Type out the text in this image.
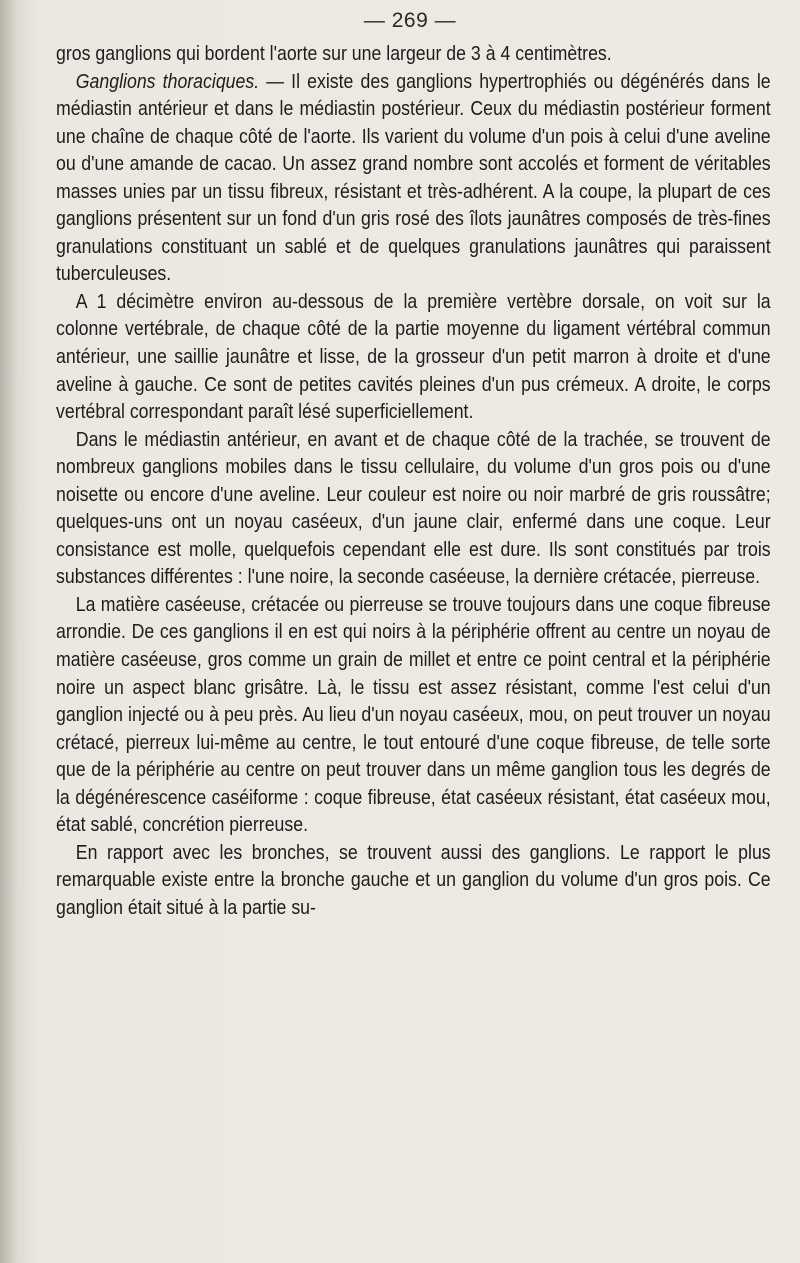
— 269 —

gros ganglions qui bordent l'aorte sur une largeur de 3 à 4 centimètres.

Ganglions thoraciques. — Il existe des ganglions hypertrophiés ou dégénérés dans le médiastin antérieur et dans le médiastin postérieur. Ceux du médiastin postérieur forment une chaîne de chaque côté de l'aorte. Ils varient du volume d'un pois à celui d'une aveline ou d'une amande de cacao. Un assez grand nombre sont accolés et forment de véritables masses unies par un tissu fibreux, résistant et très-adhérent. A la coupe, la plupart de ces ganglions présentent sur un fond d'un gris rosé des îlots jaunâtres composés de très-fines granulations constituant un sablé et de quelques granulations jaunâtres qui paraissent tuberculeuses.

A 1 décimètre environ au-dessous de la première vertèbre dorsale, on voit sur la colonne vertébrale, de chaque côté de la partie moyenne du ligament vértébral commun antérieur, une saillie jaunâtre et lisse, de la grosseur d'un petit marron à droite et d'une aveline à gauche. Ce sont de petites cavités pleines d'un pus crémeux. A droite, le corps vertébral correspondant paraît lésé superficiellement.

Dans le médiastin antérieur, en avant et de chaque côté de la trachée, se trouvent de nombreux ganglions mobiles dans le tissu cellulaire, du volume d'un gros pois ou d'une noisette ou encore d'une aveline. Leur couleur est noire ou noir marbré de gris roussâtre; quelques-uns ont un noyau caséeux, d'un jaune clair, enfermé dans une coque. Leur consistance est molle, quelquefois cependant elle est dure. Ils sont constitués par trois substances différentes : l'une noire, la seconde caséeuse, la dernière crétacée, pierreuse.

La matière caséeuse, crétacée ou pierreuse se trouve toujours dans une coque fibreuse arrondie. De ces ganglions il en est qui noirs à la périphérie offrent au centre un noyau de matière caséeuse, gros comme un grain de millet et entre ce point central et la périphérie noire un aspect blanc grisâtre. Là, le tissu est assez résistant, comme l'est celui d'un ganglion injecté ou à peu près. Au lieu d'un noyau caséeux, mou, on peut trouver un noyau crétacé, pierreux lui-même au centre, le tout entouré d'une coque fibreuse, de telle sorte que de la périphérie au centre on peut trouver dans un même ganglion tous les degrés de la dégénérescence caséiforme : coque fibreuse, état caséeux résistant, état caséeux mou, état sablé, concrétion pierreuse.

En rapport avec les bronches, se trouvent aussi des ganglions. Le rapport le plus remarquable existe entre la bronche gauche et un ganglion du volume d'un gros pois. Ce ganglion était situé à la partie su-
